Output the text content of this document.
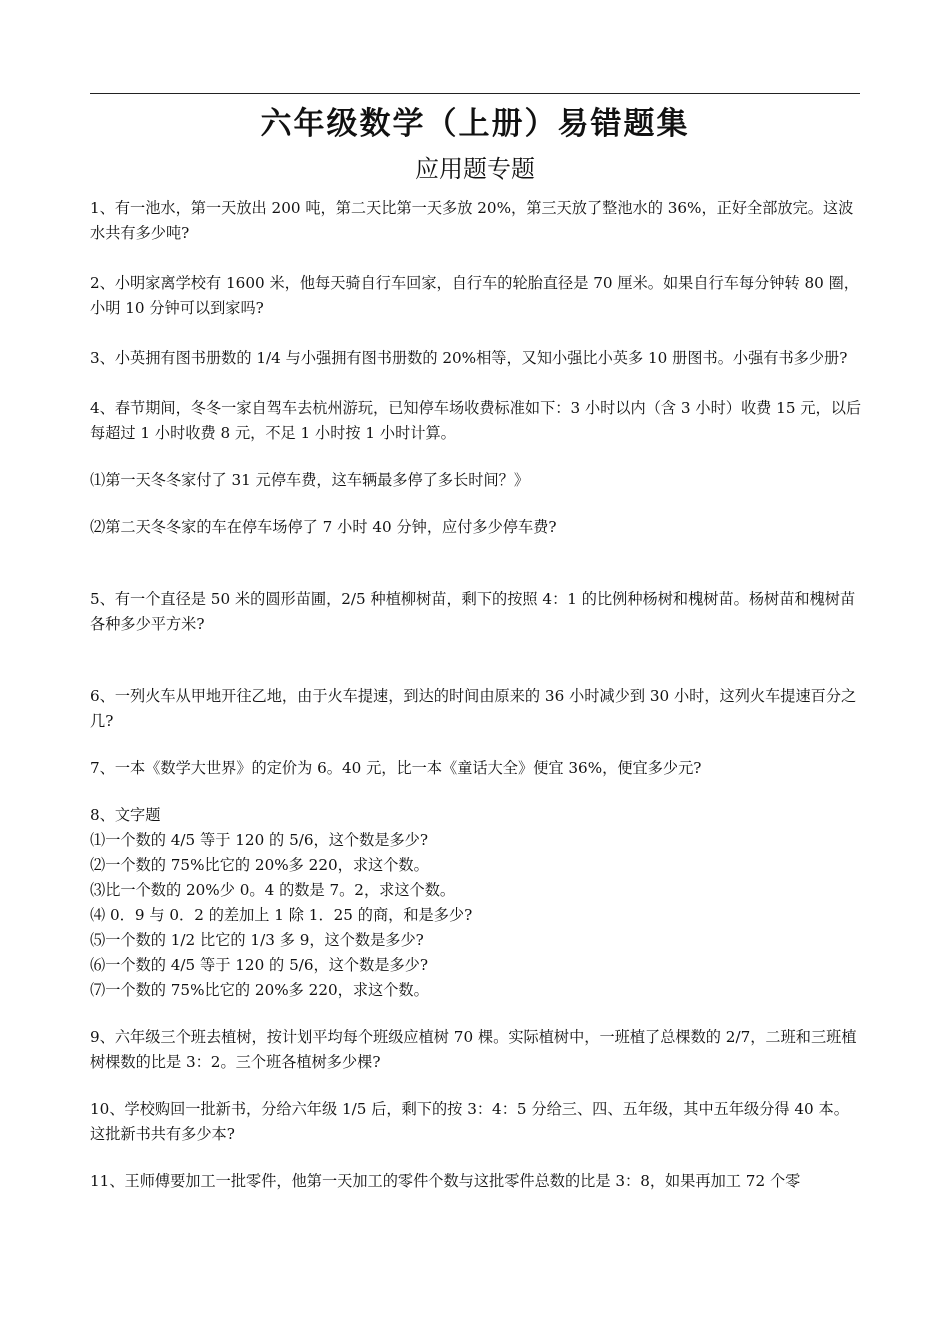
六年级数学（上册）易错题集
应用题专题

1、有一池水，第一天放出 200 吨，第二天比第一天多放 20%，第三天放了整池水的 36%，正好全部放完。这波水共有多少吨?

2、小明家离学校有 1600 米，他每天骑自行车回家，自行车的轮胎直径是 70 厘米。如果自行车每分钟转 80 圈，小明 10 分钟可以到家吗?

3、小英拥有图书册数的 1/4 与小强拥有图书册数的 20%相等，又知小强比小英多 10 册图书。小强有书多少册?

4、春节期间，冬冬一家自驾车去杭州游玩，已知停车场收费标准如下：3 小时以内（含 3 小时）收费 15 元，以后每超过 1 小时收费 8 元，不足 1 小时按 1 小时计算。

⑴第一天冬冬家付了 31 元停车费，这车辆最多停了多长时间？》

⑵第二天冬冬家的车在停车场停了 7 小时 40 分钟，应付多少停车费?

5、有一个直径是 50 米的圆形苗圃，2/5 种植柳树苗，剩下的按照 4：1 的比例种杨树和槐树苗。杨树苗和槐树苗各种多少平方米?

6、一列火车从甲地开往乙地，由于火车提速，到达的时间由原来的 36 小时减少到 30 小时，这列火车提速百分之几?

7、一本《数学大世界》的定价为 6。40 元，比一本《童话大全》便宜 36%，便宜多少元?

8、文字题

⑴一个数的 4/5 等于 120 的 5/6，这个数是多少?

⑵一个数的 75%比它的 20%多 220，求这个数。

⑶比一个数的 20%少 0。4 的数是 7。2，求这个数。

⑷ 0．9 与 0．2 的差加上 1 除 1．25 的商，和是多少?

⑸一个数的 1/2 比它的 1/3 多 9，这个数是多少?

⑹一个数的 4/5 等于 120 的 5/6，这个数是多少?

⑺一个数的 75%比它的 20%多 220，求这个数。

9、六年级三个班去植树，按计划平均每个班级应植树 70 棵。实际植树中，一班植了总棵数的 2/7，二班和三班植树棵数的比是 3：2。三个班各植树多少棵?

10、学校购回一批新书，分给六年级 1/5 后，剩下的按 3：4：5 分给三、四、五年级，其中五年级分得 40 本。这批新书共有多少本?

11、王师傅要加工一批零件，他第一天加工的零件个数与这批零件总数的比是 3：8，如果再加工 72 个零
